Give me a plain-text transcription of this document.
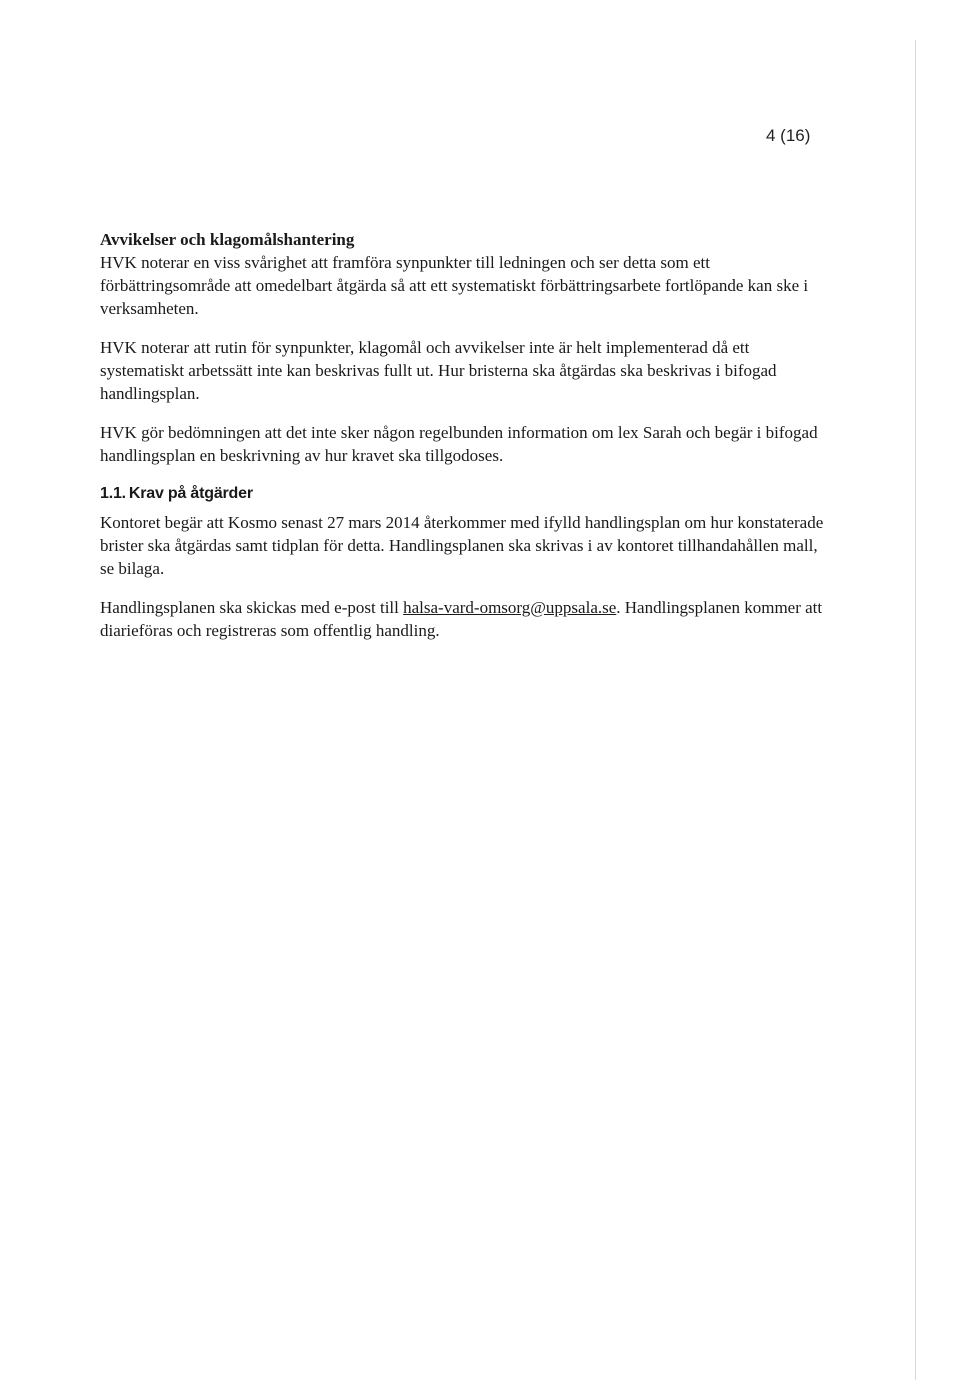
4 (16)
Avvikelser och klagomålshantering

HVK noterar en viss svårighet att framföra synpunkter till ledningen och ser detta som ett förbättringsområde att omedelbart åtgärda så att ett systematiskt förbättringsarbete fortlöpande kan ske i verksamheten.

HVK noterar att rutin för synpunkter, klagomål och avvikelser inte är helt implementerad då ett systematiskt arbetssätt inte kan beskrivas fullt ut. Hur bristerna ska åtgärdas ska beskrivas i bifogad handlingsplan.

HVK gör bedömningen att det inte sker någon regelbunden information om lex Sarah och begär i bifogad handlingsplan en beskrivning av hur kravet ska tillgodoses.

1.1. Krav på åtgärder

Kontoret begär att Kosmo senast 27 mars 2014 återkommer med ifylld handlingsplan om hur konstaterade brister ska åtgärdas samt tidplan för detta. Handlingsplanen ska skrivas i av kontoret tillhandahållen mall, se bilaga.

Handlingsplanen ska skickas med e-post till halsa-vard-omsorg@uppsala.se. Handlingsplanen kommer att diarieföras och registreras som offentlig handling.
